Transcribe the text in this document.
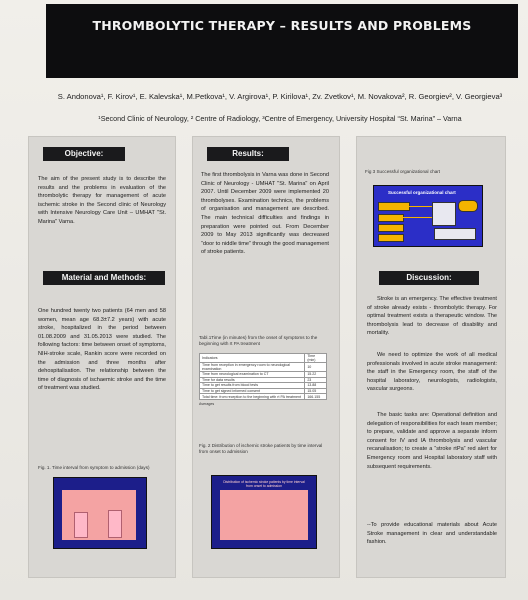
THROMBOLYTIC THERAPY – RESULTS AND PROBLEMS
S. Andonova¹, F. Kirov¹, E. Kalevska¹, M.Petkova¹, V. Argirova¹, P. Kirilova¹, Zv. Zvetkov¹, M. Novakova², R. Georgiev², V. Georgieva³
¹Second Clinic of Neurology, ² Centre of Radiology, ³Centre of Emergency, University Hospital “St. Marina” – Varna
Objective:
The aim of the present study is to describe the results and the problems in evaluation of the thrombolytic therapy for management of acute ischemic stroke in the Second clinic of Neurology with Intensive Neurology Care Unit – UMHAT "St. Marina" Varna.
Material and Methods:
One hundred twenty two patients (64 men and 58 women, mean age 68.3±7.2 years) with acute stroke, hospitalized in the period between 01.08.2009 and 31.05.2013 were studied. The following factors: time between onset of symptoms, NIH-stroke scale, Rankin score were recorded on the admission and three months after dehospitalisation. The relationship between the time of diagnosis of ischaemic stroke and the time of treatment was studied.
Fig. 1. Time interval from symptom to admission (days)
Results:
The first thrombolysis in Varna was done in Second Clinic of Neurology - UMHAT "St. Marina" on April 2007. Until December 2009 were implemented 20 thrombolyses. Examination technics, the problems of organisation and management are described. The main technical difficulties and findings in preparation were pointed out. From December 2009 to May 2013 significantly was decreased “door to niddle time” through the good management of stroke patients.
Tabl.1Time (in minutes) from the onset of symptoms to the beginning with rt PA treatment
Indicators	Time (min)
Time from reception in emergency room to neurological examination	10
Time from neurological examination to CT	15.22
Time for data results	23
Time to get results from blood tests	13.88
Time to get signed informed consent	15.05
Total time: from reception to the beginning with rt PA treatment	166.155
Averages
Fig. 2 Distribution of ischemic stroke patients by time interval from onset to admission
Distribution of ischemic stroke patients by time interval from onset to admission
Fig 3 Successful organizational chart
Successful organizational chart
Discussion:
Stroke is an emergency. The effective treatment of stroke already exists - thrombolytic therapy. For optimal treatment exists a therapeutic window. The thrombolysis lead to decrease of disability and mortality.
We need to optimize the work of all medical professionals involved in acute stroke management: the staff in the Emergency room, the staff of the hospital laboratory, neurologists, radiologists, vascular surgeons.
The basic tasks are: Operational definition and delegation of responsibilities for each team member; to prepare, validate and approve a separate inform consent for IV and IA thrombolysis and vascular recanalisation; to create a “stroke rtPa” red alert for Emergency room and Hospital laboratory staff with subsequent requirements.
--To provide educational materials about Acute Stroke management in clear and understandable fashion.
